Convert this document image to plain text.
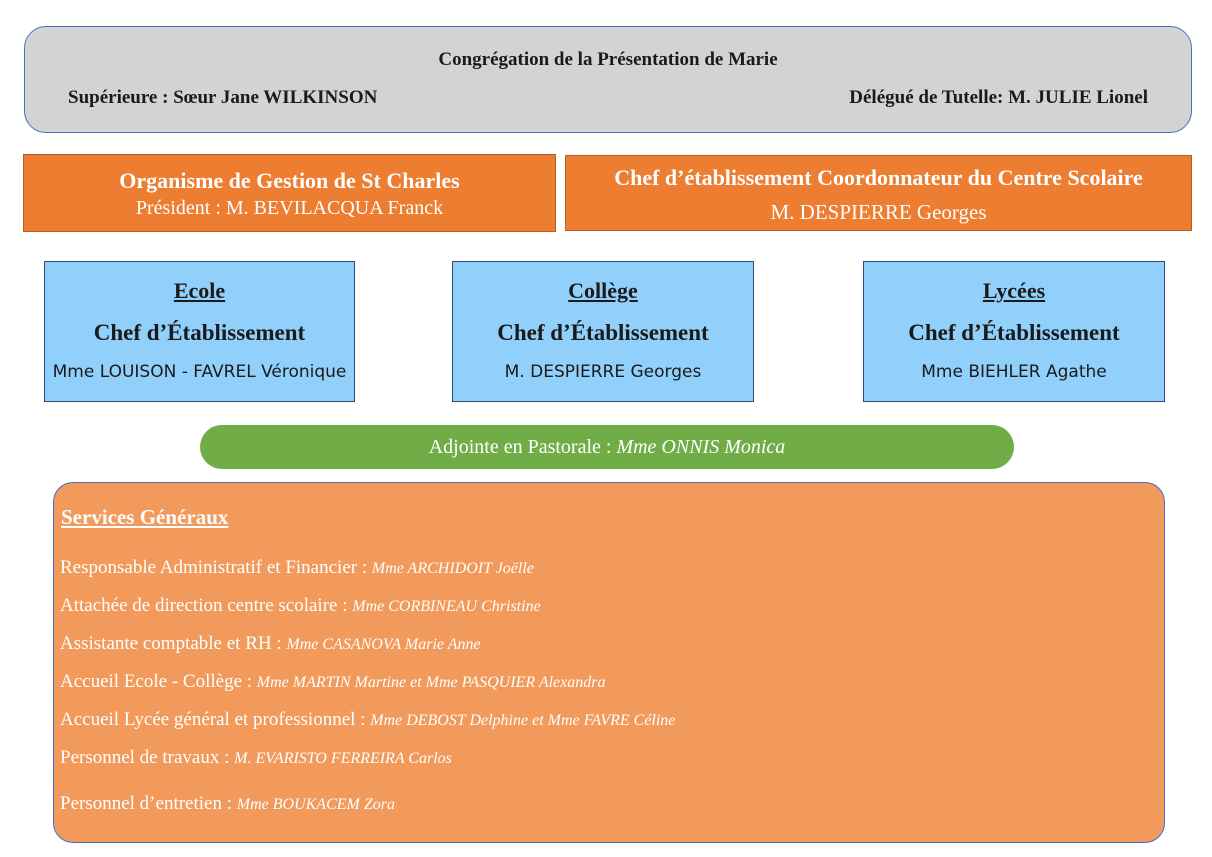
Congrégation de la Présentation de Marie
Supérieure : Sœur Jane WILKINSON	Délégué de Tutelle: M. JULIE Lionel
Organisme de Gestion de St Charles
Président : M. BEVILACQUA Franck
Chef d’établissement Coordonnateur du Centre Scolaire
M. DESPIERRE Georges
Ecole
Chef d’Établissement
Mme LOUISON - FAVREL Véronique
Collège
Chef d’Établissement
M. DESPIERRE Georges
Lycées
Chef d’Établissement
Mme BIEHLER Agathe
Adjointe en Pastorale : Mme ONNIS Monica
Services Généraux
Responsable Administratif et Financier : Mme ARCHIDOIT Joëlle
Attachée de direction centre scolaire : Mme CORBINEAU Christine
Assistante comptable et RH : Mme CASANOVA Marie Anne
Accueil Ecole - Collège : Mme MARTIN Martine et Mme PASQUIER Alexandra
Accueil Lycée général et professionnel : Mme DEBOST Delphine et Mme FAVRE Céline
Personnel de travaux : M. EVARISTO FERREIRA Carlos
Personnel d’entretien : Mme BOUKACEM Zora
